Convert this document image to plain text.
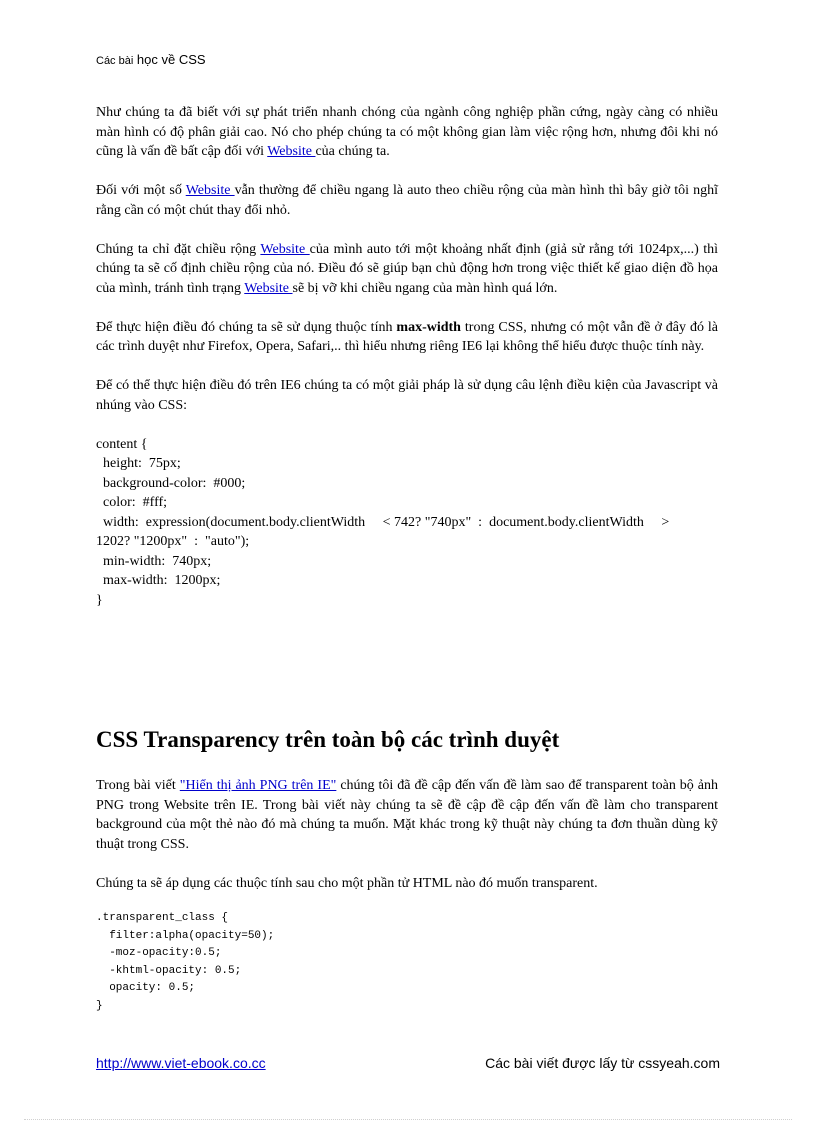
Các bài học về CSS

Như chúng ta đã biết với sự phát triển nhanh chóng của ngành công nghiệp phần cứng, ngày càng có nhiều màn hình có độ phân giải cao. Nó cho phép chúng ta có một không gian làm việc rộng hơn, nhưng đôi khi nó cũng là vấn đề bất cập đối với Website của chúng ta.

Đối với một số Website vẫn thường để chiều ngang là auto theo chiều rộng của màn hình thì bây giờ tôi nghĩ rằng cần có một chút thay đổi nhỏ.

Chúng ta chỉ đặt chiều rộng Website của mình auto tới một khoảng nhất định (giả sử rằng tới 1024px,...) thì chúng ta sẽ cố định chiều rộng của nó. Điều đó sẽ giúp bạn chủ động hơn trong việc thiết kế giao diện đồ họa của mình, tránh tình trạng Website sẽ bị vỡ khi chiều ngang của màn hình quá lớn.

Để thực hiện điều đó chúng ta sẽ sử dụng thuộc tính max-width trong CSS, nhưng có một vẫn đề ở đây đó là các trình duyệt như Firefox, Opera, Safari,.. thì hiểu nhưng riêng IE6 lại không thể hiểu được thuộc tính này.

Để có thể thực hiện điều đó trên IE6 chúng ta có một giải pháp là sử dụng câu lệnh điều kiện của Javascript và nhúng vào CSS:

content {
height:  75px;
background-color:  #000;
color:  #fff;
width:  expression(document.body.clientWidth     < 742? "740px"  :  document.body.clientWidth     >
1202? "1200px"  :  "auto");
min-width:  740px;
max-width:  1200px;
}
CSS Transparency trên toàn bộ các trình duyệt

Trong bài viết "Hiển thị ảnh PNG trên IE" chúng tôi đã đề cập đến vấn đề làm sao để transparent toàn bộ ảnh PNG trong Website trên IE. Trong bài viết này chúng ta sẽ đề cập đề cập đến vấn đề làm cho transparent background của một thẻ nào đó mà chúng ta muốn. Mặt khác trong kỹ thuật này chúng ta đơn thuần dùng kỹ thuật trong CSS.

Chúng ta sẽ áp dụng các thuộc tính sau cho một phần tử HTML nào đó muốn transparent.

.transparent_class {
filter:alpha(opacity=50);
-moz-opacity:0.5;
-khtml-opacity: 0.5;
opacity: 0.5;
}
http://www.viet-ebook.co.cc	Các bài viết được lấy từ cssyeah.com
